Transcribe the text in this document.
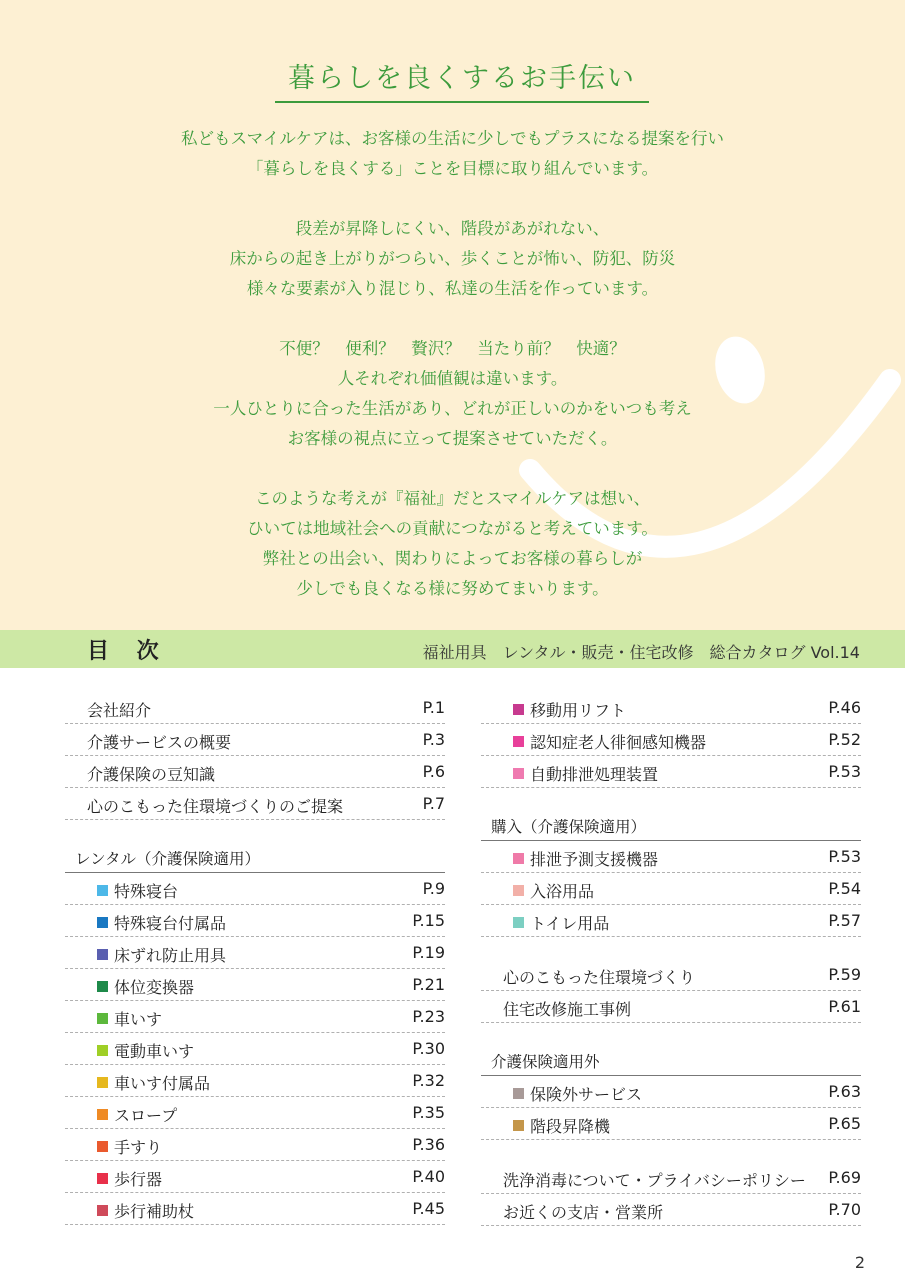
暮らしを良くするお手伝い
私どもスマイルケアは、お客様の生活に少しでもプラスになる提案を行い
「暮らしを良くする」ことを目標に取り組んでいます。
段差が昇降しにくい、階段があがれない、
床からの起き上がりがつらい、歩くことが怖い、防犯、防災
様々な要素が入り混じり、私達の生活を作っています。
不便？　便利？　贅沢？　当たり前？　快適？
人それぞれ価値観は違います。
一人ひとりに合った生活があり、どれが正しいのかをいつも考え
お客様の視点に立って提案させていただく。
このような考えが『福祉』だとスマイルケアは想い、
ひいては地域社会への貢献につながると考えています。
弊社との出会い、関わりによってお客様の暮らしが
少しでも良くなる様に努めてまいります。
目 次	福祉用具　レンタル・販売・住宅改修　総合カタログ Vol.14
会社紹介	P.1
介護サービスの概要	P.3
介護保険の豆知識	P.6
心のこもった住環境づくりのご提案	P.7
レンタル（介護保険適用）
特殊寝台	P.9
特殊寝台付属品	P.15
床ずれ防止用具	P.19
体位変換器	P.21
車いす	P.23
電動車いす	P.30
車いす付属品	P.32
スロープ	P.35
手すり	P.36
歩行器	P.40
歩行補助杖	P.45
移動用リフト	P.46
認知症老人徘徊感知機器	P.52
自動排泄処理装置	P.53
購入（介護保険適用）
排泄予測支援機器	P.53
入浴用品	P.54
トイレ用品	P.57
心のこもった住環境づくり	P.59
住宅改修施工事例	P.61
介護保険適用外
保険外サービス	P.63
階段昇降機	P.65
洗浄消毒について・プライバシーポリシー P.69
お近くの支店・営業所	P.70
2
